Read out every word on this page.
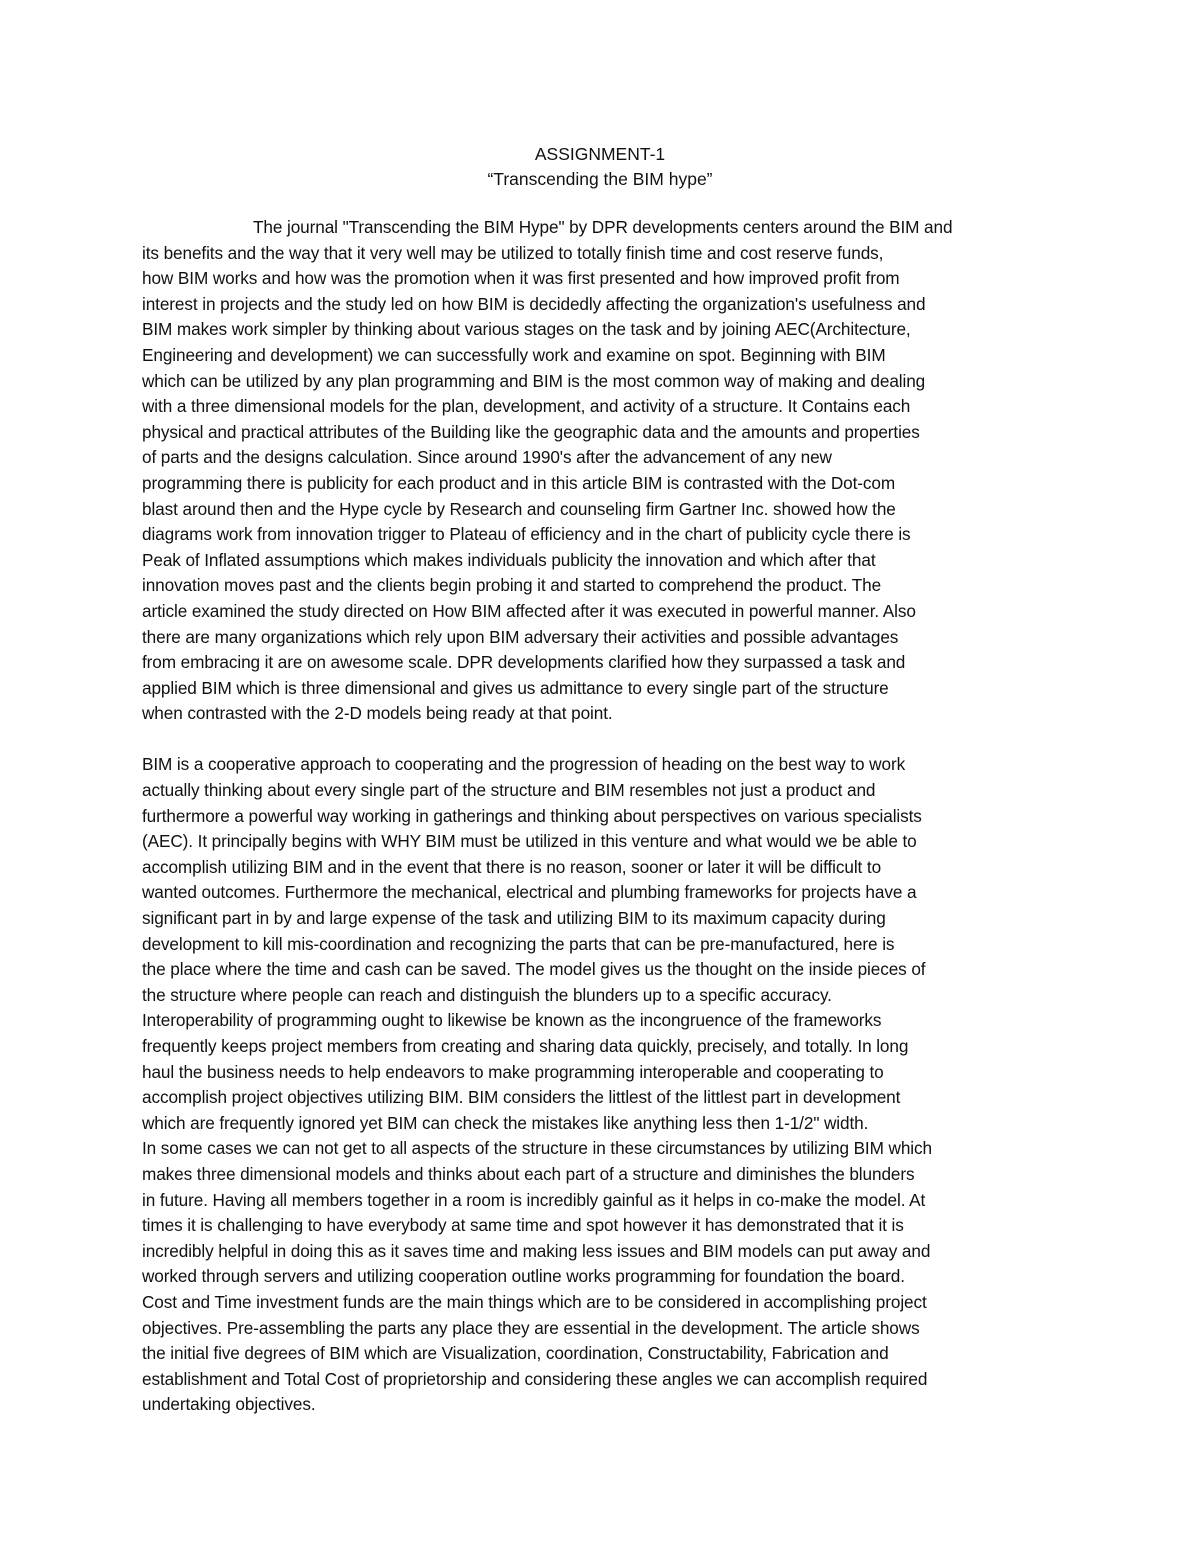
ASSIGNMENT-1
“Transcending the BIM hype”
The journal "Transcending the BIM Hype" by DPR developments centers around the BIM and
its benefits and the way that it very well may be utilized to totally finish time and cost reserve funds,
how BIM works and how was the promotion when it was first presented and how improved profit from
interest in projects and the study led on how BIM is decidedly affecting the organization's usefulness and
BIM makes work simpler by thinking about various stages on the task and by joining AEC(Architecture,
Engineering and development) we can successfully work and examine on spot. Beginning with BIM
which can be utilized by any plan programming and BIM is the most common way of making and dealing
with a three dimensional models for the plan, development, and activity of a structure. It Contains each
physical and practical attributes of the Building like the geographic data and the amounts and properties
of parts and the designs calculation. Since around 1990's after the advancement of any new
programming there is publicity for each product and in this article BIM is contrasted with the Dot-com
blast around then and the Hype cycle by Research and counseling firm Gartner Inc. showed how the
diagrams work from innovation trigger to Plateau of efficiency and in the chart of publicity cycle there is
Peak of Inflated assumptions which makes individuals publicity the innovation and which after that
innovation moves past and the clients begin probing it and started to comprehend the product. The
article examined the study directed on How BIM affected after it was executed in powerful manner. Also
there are many organizations which rely upon BIM adversary their activities and possible advantages
from embracing it are on awesome scale. DPR developments clarified how they surpassed a task and
applied BIM which is three dimensional and gives us admittance to every single part of the structure
when contrasted with the 2-D models being ready at that point.
BIM is a cooperative approach to cooperating and the progression of heading on the best way to work
actually thinking about every single part of the structure and BIM resembles not just a product and
furthermore a powerful way working in gatherings and thinking about perspectives on various specialists
(AEC). It principally begins with WHY BIM must be utilized in this venture and what would we be able to
accomplish utilizing BIM and in the event that there is no reason, sooner or later it will be difficult to
wanted outcomes. Furthermore the mechanical, electrical and plumbing frameworks for projects have a
significant part in by and large expense of the task and utilizing BIM to its maximum capacity during
development to kill mis-coordination and recognizing the parts that can be pre-manufactured, here is
the place where the time and cash can be saved. The model gives us the thought on the inside pieces of
the structure where people can reach and distinguish the blunders up to a specific accuracy.
Interoperability of programming ought to likewise be known as the incongruence of the frameworks
frequently keeps project members from creating and sharing data quickly, precisely, and totally. In long
haul the business needs to help endeavors to make programming interoperable and cooperating to
accomplish project objectives utilizing BIM. BIM considers the littlest of the littlest part in development
which are frequently ignored yet BIM can check the mistakes like anything less then 1-1/2" width.
In some cases we can not get to all aspects of the structure in these circumstances by utilizing BIM which
makes three dimensional models and thinks about each part of a structure and diminishes the blunders
in future. Having all members together in a room is incredibly gainful as it helps in co-make the model. At
times it is challenging to have everybody at same time and spot however it has demonstrated that it is
incredibly helpful in doing this as it saves time and making less issues and BIM models can put away and
worked through servers and utilizing cooperation outline works programming for foundation the board.
Cost and Time investment funds are the main things which are to be considered in accomplishing project
objectives. Pre-assembling the parts any place they are essential in the development. The article shows
the initial five degrees of BIM which are Visualization, coordination, Constructability, Fabrication and
establishment and Total Cost of proprietorship and considering these angles we can accomplish required
undertaking objectives.
